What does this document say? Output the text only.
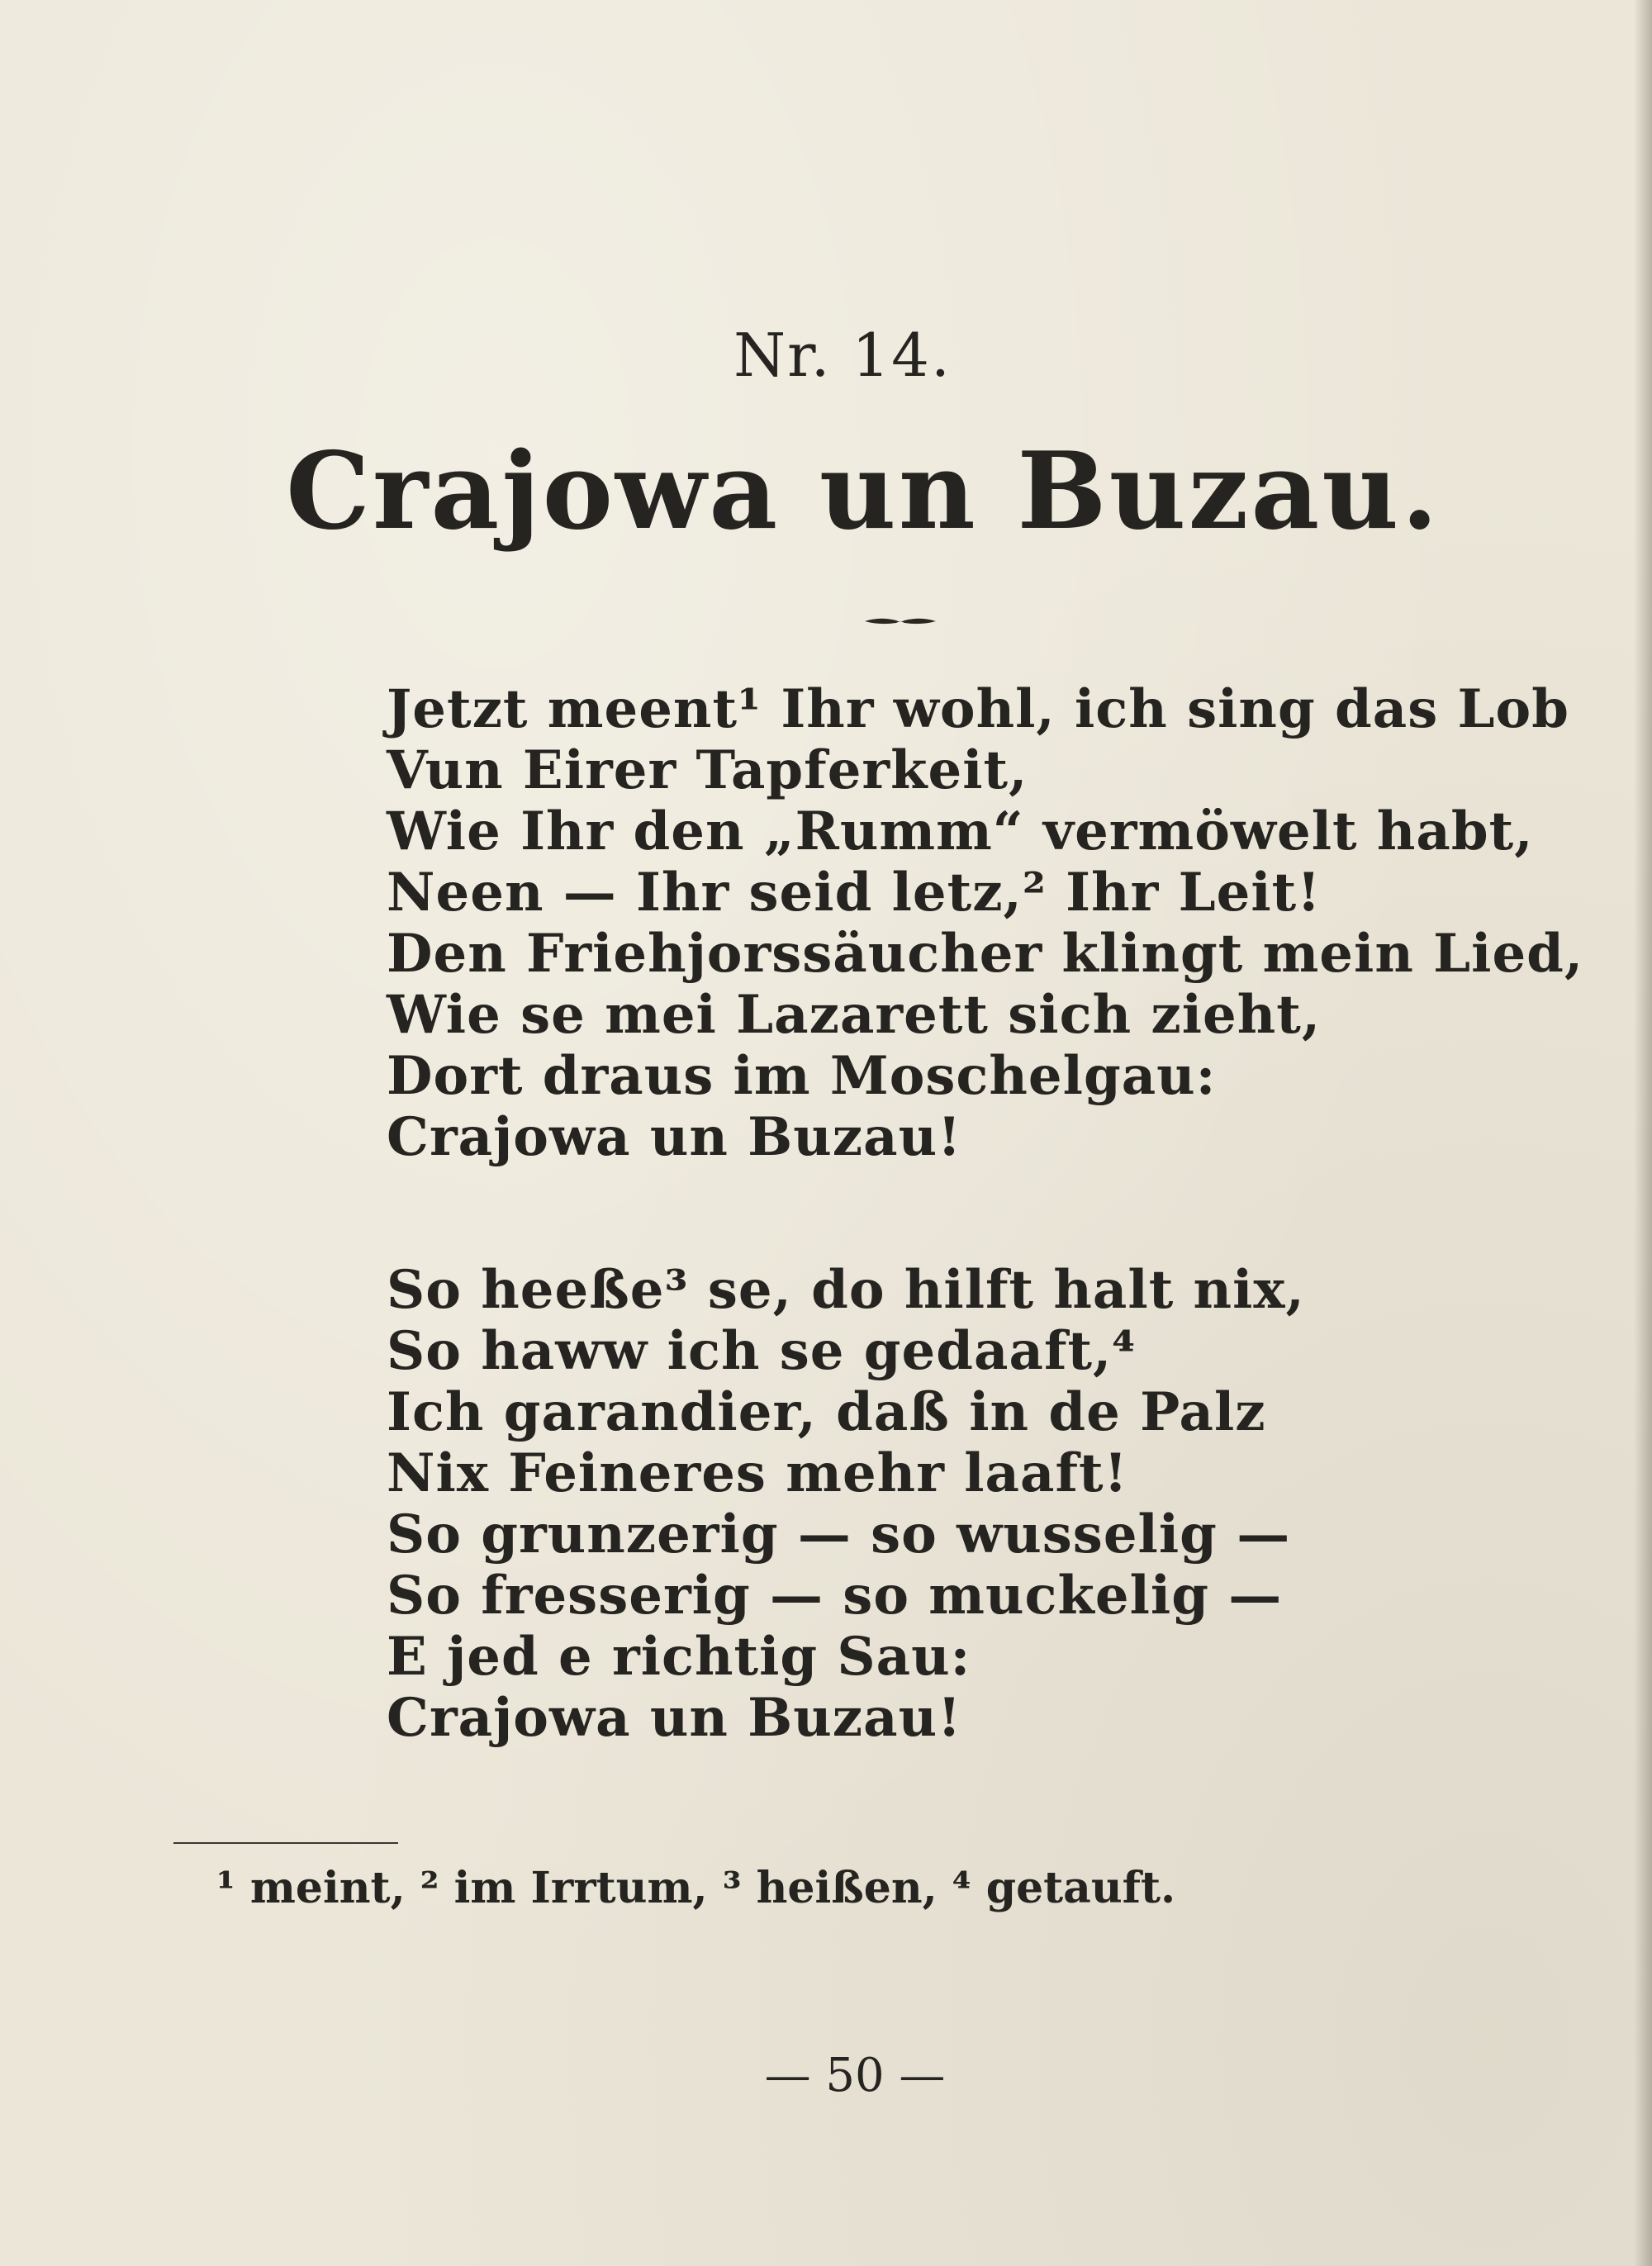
Nr. 14.
Crajowa un Buzau.
Jetzt meent¹ Ihr wohl, ich sing das Lob
Vun Eirer Tapferkeit,
Wie Ihr den „Rumm“ vermöwelt habt,
Neen — Ihr seid letz,² Ihr Leit!
Den Friehjorssäucher klingt mein Lied,
Wie se mei Lazarett sich zieht,
Dort draus im Moschelgau:
Crajowa un Buzau!
So heeße³ se, do hilft halt nix,
So haww ich se gedaaft,⁴
Ich garandier, daß in de Palz
Nix Feineres mehr laaft!
So grunzerig — so wusselig —
So fresserig — so muckelig —
E jed e richtig Sau:
Crajowa un Buzau!
¹ meint, ² im Irrtum, ³ heißen, ⁴ getauft.
— 50 —
